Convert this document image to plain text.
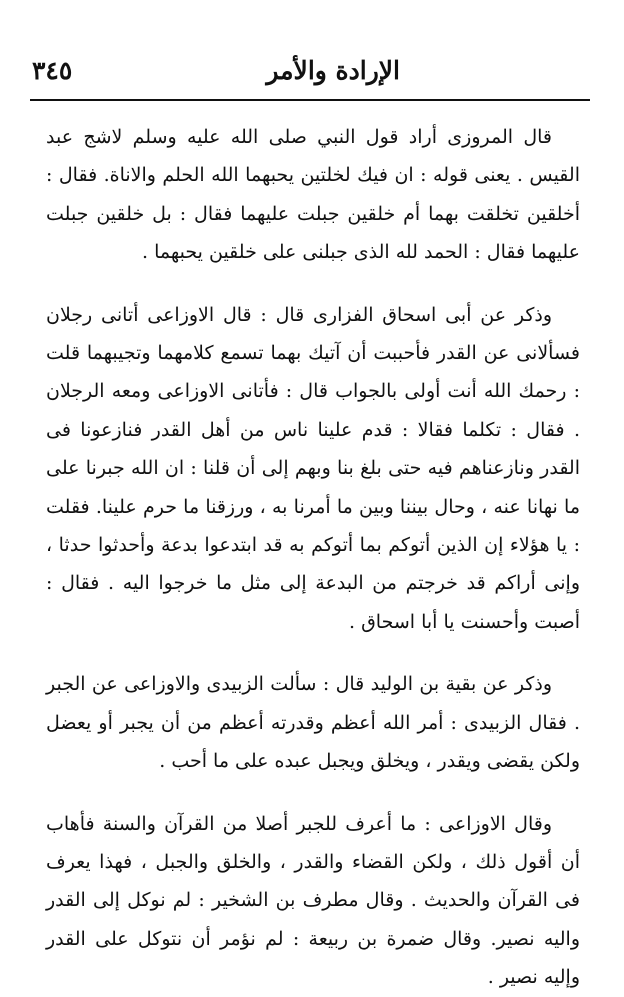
الإرادة والأمر
٣٤٥

قال المروزى أراد قول النبي صلى الله عليه وسلم لاشج عبد القيس . يعنى قوله : ان فيك لخلتين يحبهما الله الحلم والاناة. فقال : أخلقين تخلقت بهما أم خلقين جبلت عليهما فقال : بل خلقين جبلت عليهما فقال : الحمد لله الذى جبلنى على خلقين يحبهما .

وذكر عن أبى اسحاق الفزارى قال : قال الاوزاعى أتانى رجلان فسألانى عن القدر فأحببت أن آتيك بهما تسمع كلامهما وتجيبهما قلت : رحمك الله أنت أولى بالجواب قال : فأتانى الاوزاعى ومعه الرجلان . فقال : تكلما فقالا : قدم علينا ناس من أهل القدر فنازعونا فى القدر ونازعناهم فيه حتى بلغ بنا وبهم إلى أن قلنا : ان الله جبرنا على ما نهانا عنه ، وحال بيننا وبين ما أمرنا به ، ورزقنا ما حرم علينا. فقلت : يا هؤلاء إن الذين أتوكم بما أتوكم به قد ابتدعوا بدعة وأحدثوا حدثا ، وإنى أراكم قد خرجتم من البدعة إلى مثل ما خرجوا اليه . فقال : أصبت وأحسنت يا أبا اسحاق .

وذكر عن بقية بن الوليد قال : سألت الزبيدى والاوزاعى عن الجبر . فقال الزبيدى : أمر الله أعظم وقدرته أعظم من أن يجبر أو يعضل ولكن يقضى ويقدر ، ويخلق ويجبل عبده على ما أحب .

وقال الاوزاعى : ما أعرف للجبر أصلا من القرآن والسنة فأهاب أن أقول ذلك ، ولكن القضاء والقدر ، والخلق والجبل ، فهذا يعرف فى القرآن والحديث . وقال مطرف بن الشخير : لم نوكل إلى القدر واليه نصير. وقال ضمرة بن ربيعة : لم نؤمر أن نتوكل على القدر وإليه نصير .
